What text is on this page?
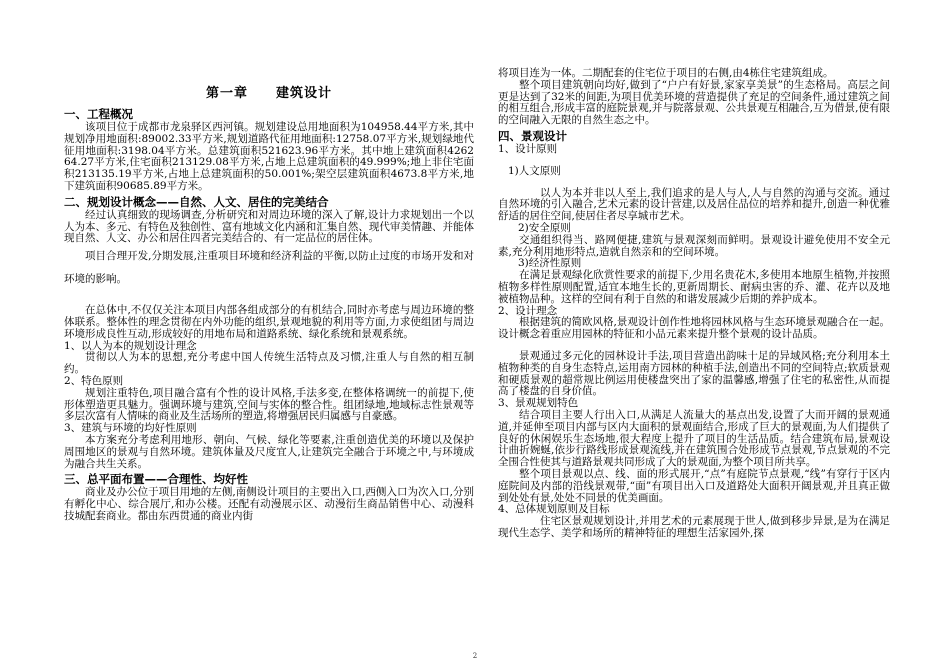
第一章 建筑设计
一、工程概况

该项目位于成都市龙泉驿区西河镇。规划建设总用地面积为104958.44平方米,其中规划净用地面积:89002.33平方米,规划道路代征用地面积:12758.07平方米,规划绿地代征用地面积:3198.04平方米。总建筑面积521623.96平方米。其中地上建筑面积426264.27平方米,住宅面积213129.08平方米,占地上总建筑面积的49.999%;地上非住宅面积213135.19平方米,占地上总建筑面积的50.001%;架空层建筑面积4673.8平方米,地下建筑面积90685.89平方米。

二、规划设计概念——自然、人文、居住的完美结合

经过认真细致的现场调查,分析研究和对周边环境的深入了解,设计力求规划出一个以人为本、多元、有特色及独创性、富有地域文化内涵和汇集自然、现代审美情趣、并能体现自然、人文、办公和居住四者完美结合的、有一定品位的居住体。

项目合理开发,分期发展,注重项目环境和经济利益的平衡,以防止过度的市场开发和对环境的影响。

在总体中,不仅仅关注本项目内部各组成部分的有机结合,同时亦考虑与周边环境的整体联系。整体性的理念贯彻在内外功能的组织,景观地貌的利用等方面,力求使组团与周边环境形成良性互动,形成较好的用地布局和道路系统、绿化系统和景观系统。

1、以人为本的规划设计理念

贯彻以人为本的思想,充分考虑中国人传统生活特点及习惯,注重人与自然的相互制约。

2、特色原则

规划注重特色,项目融合富有个性的设计风格,手法多变,在整体格调统一的前提下,使形体塑造更具魅力。强调环境与建筑,空间与实体的整合性。组团绿地,地域标志性景观等多层次富有人情味的商业及生活场所的塑造,将增强居民归属感与自豪感。

3、建筑与环境的均好性原则

本方案充分考虑利用地形、朝向、气候、绿化等要素,注重创造优美的环境以及保护周围地区的景观与自然环境。建筑体量及尺度宜人,让建筑完全融合于环境之中,与环境成为融合共生关系。

三、总平面布置——合理性、均好性

商业及办公位于项目用地的左侧,南侧设计项目的主要出入口,西侧入口为次入口,分别有孵化中心、综合展厅,和办公楼。还配有动漫展示区、动漫衍生商品销售中心、动漫科技城配套商业。都由东西贯通的商业内街

将项目连为一体。二期配套的住宅位于项目的右侧,由4栋住宅建筑组成。

整个项目建筑朝向均好,做到了“户户有好景,家家享美景”的生态格局。高层之间更是达到了32米的间距,为项目优美环境的营造提供了充足的空间条件,通过建筑之间的相互组合,形成丰富的庭院景观,并与院落景观、公共景观互相融合,互为借景,使有限的空间融入无限的自然生态之中。

四、景观设计

1、设计原则

1)人文原则

以人为本并非以人至上,我们追求的是人与人,人与自然的沟通与交流。通过自然环境的引入融合,艺术元素的设计营建,以及居住品位的培养和提升,创造一种优雅舒适的居住空间,使居住者尽享城市艺术。

2)安全原则

交通组织得当、路网便捷,建筑与景观深刻而鲜明。景观设计避免使用不安全元素,充分利用地形特点,造就自然亲和的空间环境。

3)经济性原则

在满足景观绿化欣赏性要求的前提下,少用名贵花木,多使用本地原生植物,并按照植物多样性原则配置,适宜本地生长的,更新周期长、耐病虫害的乔、灌、花卉以及地被植物品种。这样的空间有利于自然的和谐发展减少后期的养护成本。

2、设计理念

根据建筑的简欧风格,景观设计创作性地将园林风格与生态环境景观融合在一起。设计概念着重应用园林的特征和小品元素来提升整个景观的设计品质。

景观通过多元化的园林设计手法,项目营造出韵味十足的异域风格;充分利用本土植物种类的自身生态特点,运用南方园林的种植手法,创造出不同的空间特点;软质景观和硬质景观的超常规比例运用使楼盘突出了家的温馨感,增强了住宅的私密性,从而提高了楼盘的自身价值。

3、景观规划特色

结合项目主要人行出入口,从满足人流量大的基点出发,设置了大而开阔的景观通道,并延伸至项目内部与区内大面积的景观面结合,形成了巨大的景观面,为人们提供了良好的休闲娱乐生态场地,很大程度上提升了项目的生活品质。结合建筑布局,景观设计曲折婉蜒,依步行路线形成景观流线,并在建筑围合处形成节点景观,节点景观的不完全围合性使其与道路景观共同形成了大的景观面,为整个项目所共享。

整个项目景观以点、线、面的形式展开,“点”有庭院节点景观,“线”有穿行于区内庭院间及内部的沿线景观带,“面”有项目出入口及道路处大面积开阔景观,并且真正做到处处有景,处处不同景的优美画面。

4、总体规划原则及目标

住宅区景观规划设计,并用艺术的元素展现于世人,做到移步异景,是为在满足现代生态学、美学和场所的精神特征的理想生活家园外,探

2
